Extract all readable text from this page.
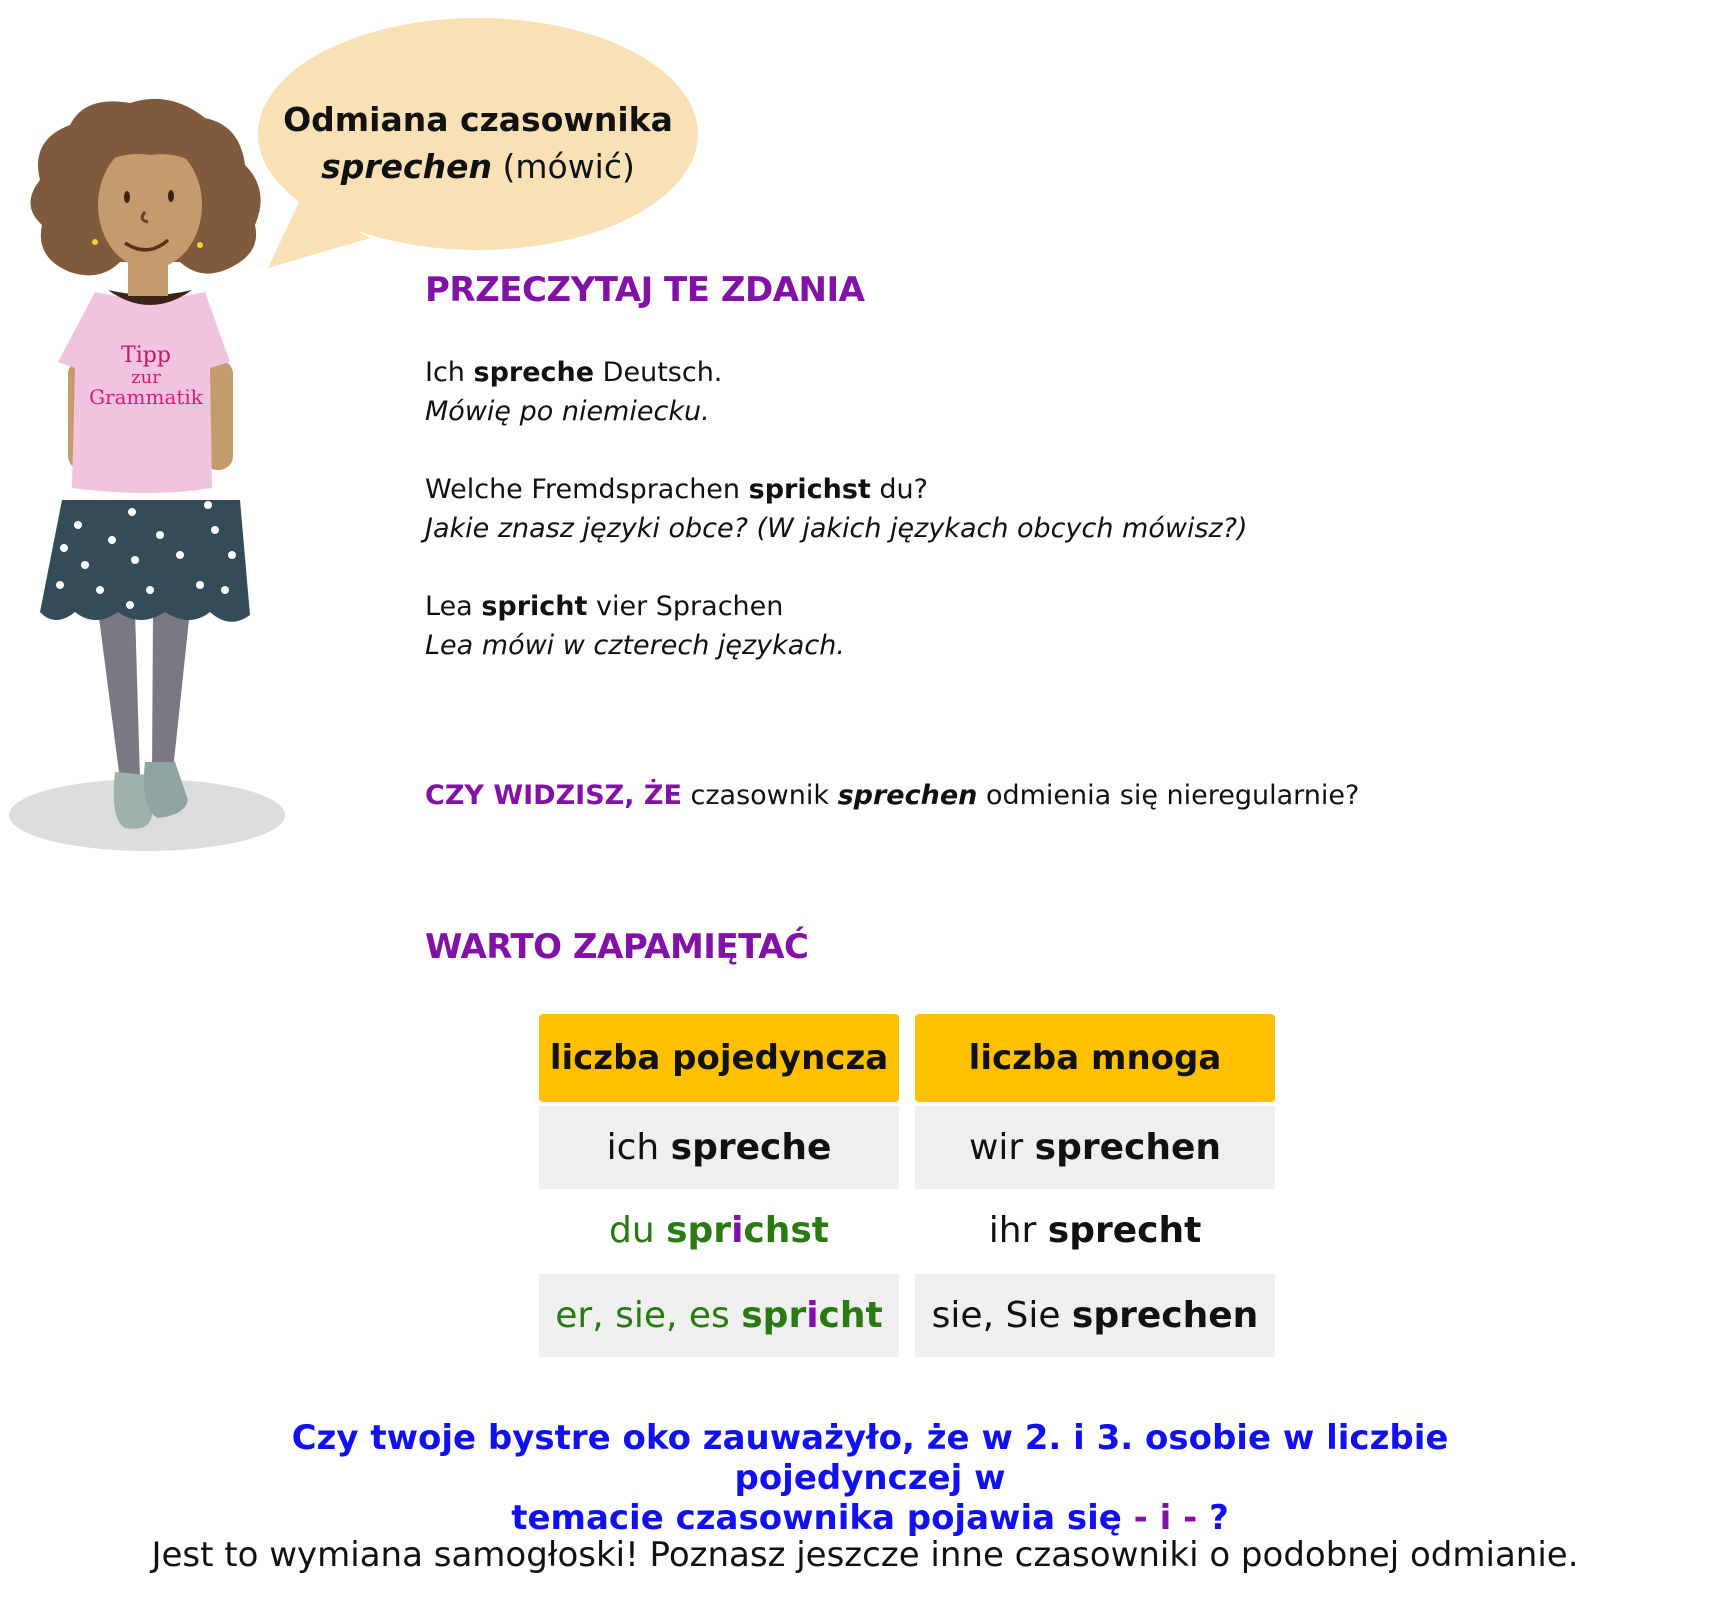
Odmiana czasownika
sprechen (mówić)
Tipp
zur
Grammatik
PRZECZYTAJ TE ZDANIA
Ich spreche Deutsch.
Mówię po niemiecku.
Welche Fremdsprachen sprichst du?
Jakie znasz języki obce? (W jakich językach obcych mówisz?)
Lea spricht vier Sprachen
Lea mówi w czterech językach.
CZY WIDZISZ, ŻE czasownik sprechen odmienia się nieregularnie?
WARTO ZAPAMIĘTAĆ
liczba pojedyncza
ich
spreche
du
sprichst
er, sie, es
spricht
liczba mnoga
wir
sprechen
ihr
sprecht
sie, Sie
sprechen
Czy twoje bystre oko zauważyło, że w 2. i 3. osobie w liczbie pojedynczej w
temacie czasownika pojawia się - i - ?
Jest to wymiana samogłoski! Poznasz jeszcze inne czasowniki o podobnej odmianie.
